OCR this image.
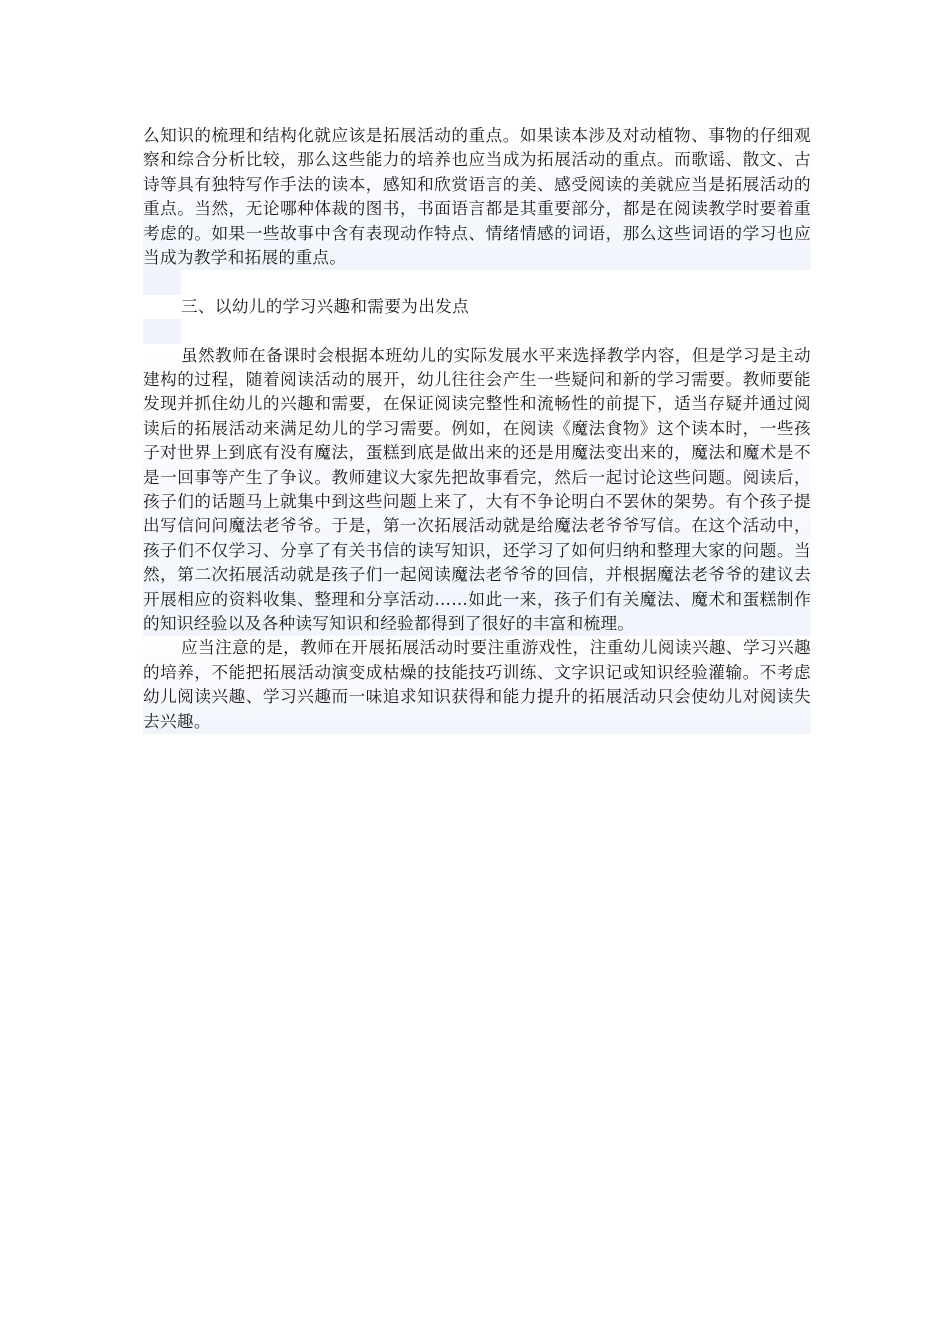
么知识的梳理和结构化就应该是拓展活动的重点。如果读本涉及对动植物、事物的仔细观察和综合分析比较，那么这些能力的培养也应当成为拓展活动的重点。而歌谣、散文、古诗等具有独特写作手法的读本，感知和欣赏语言的美、感受阅读的美就应当是拓展活动的重点。当然，无论哪种体裁的图书，书面语言都是其重要部分，都是在阅读教学时要着重考虑的。如果一些故事中含有表现动作特点、情绪情感的词语，那么这些词语的学习也应当成为教学和拓展的重点。

三、以幼儿的学习兴趣和需要为出发点

虽然教师在备课时会根据本班幼儿的实际发展水平来选择教学内容，但是学习是主动建构的过程，随着阅读活动的展开，幼儿往往会产生一些疑问和新的学习需要。教师要能发现并抓住幼儿的兴趣和需要，在保证阅读完整性和流畅性的前提下，适当存疑并通过阅读后的拓展活动来满足幼儿的学习需要。例如，在阅读《魔法食物》这个读本时，一些孩子对世界上到底有没有魔法，蛋糕到底是做出来的还是用魔法变出来的，魔法和魔术是不是一回事等产生了争议。教师建议大家先把故事看完，然后一起讨论这些问题。阅读后，孩子们的话题马上就集中到这些问题上来了，大有不争论明白不罢休的架势。有个孩子提出写信问问魔法老爷爷。于是，第一次拓展活动就是给魔法老爷爷写信。在这个活动中，孩子们不仅学习、分享了有关书信的读写知识，还学习了如何归纳和整理大家的问题。当然，第二次拓展活动就是孩子们一起阅读魔法老爷爷的回信，并根据魔法老爷爷的建议去开展相应的资料收集、整理和分享活动……如此一来，孩子们有关魔法、魔术和蛋糕制作的知识经验以及各种读写知识和经验都得到了很好的丰富和梳理。

应当注意的是，教师在开展拓展活动时要注重游戏性，注重幼儿阅读兴趣、学习兴趣的培养，不能把拓展活动演变成枯燥的技能技巧训练、文字识记或知识经验灌输。不考虑幼儿阅读兴趣、学习兴趣而一味追求知识获得和能力提升的拓展活动只会使幼儿对阅读失去兴趣。
